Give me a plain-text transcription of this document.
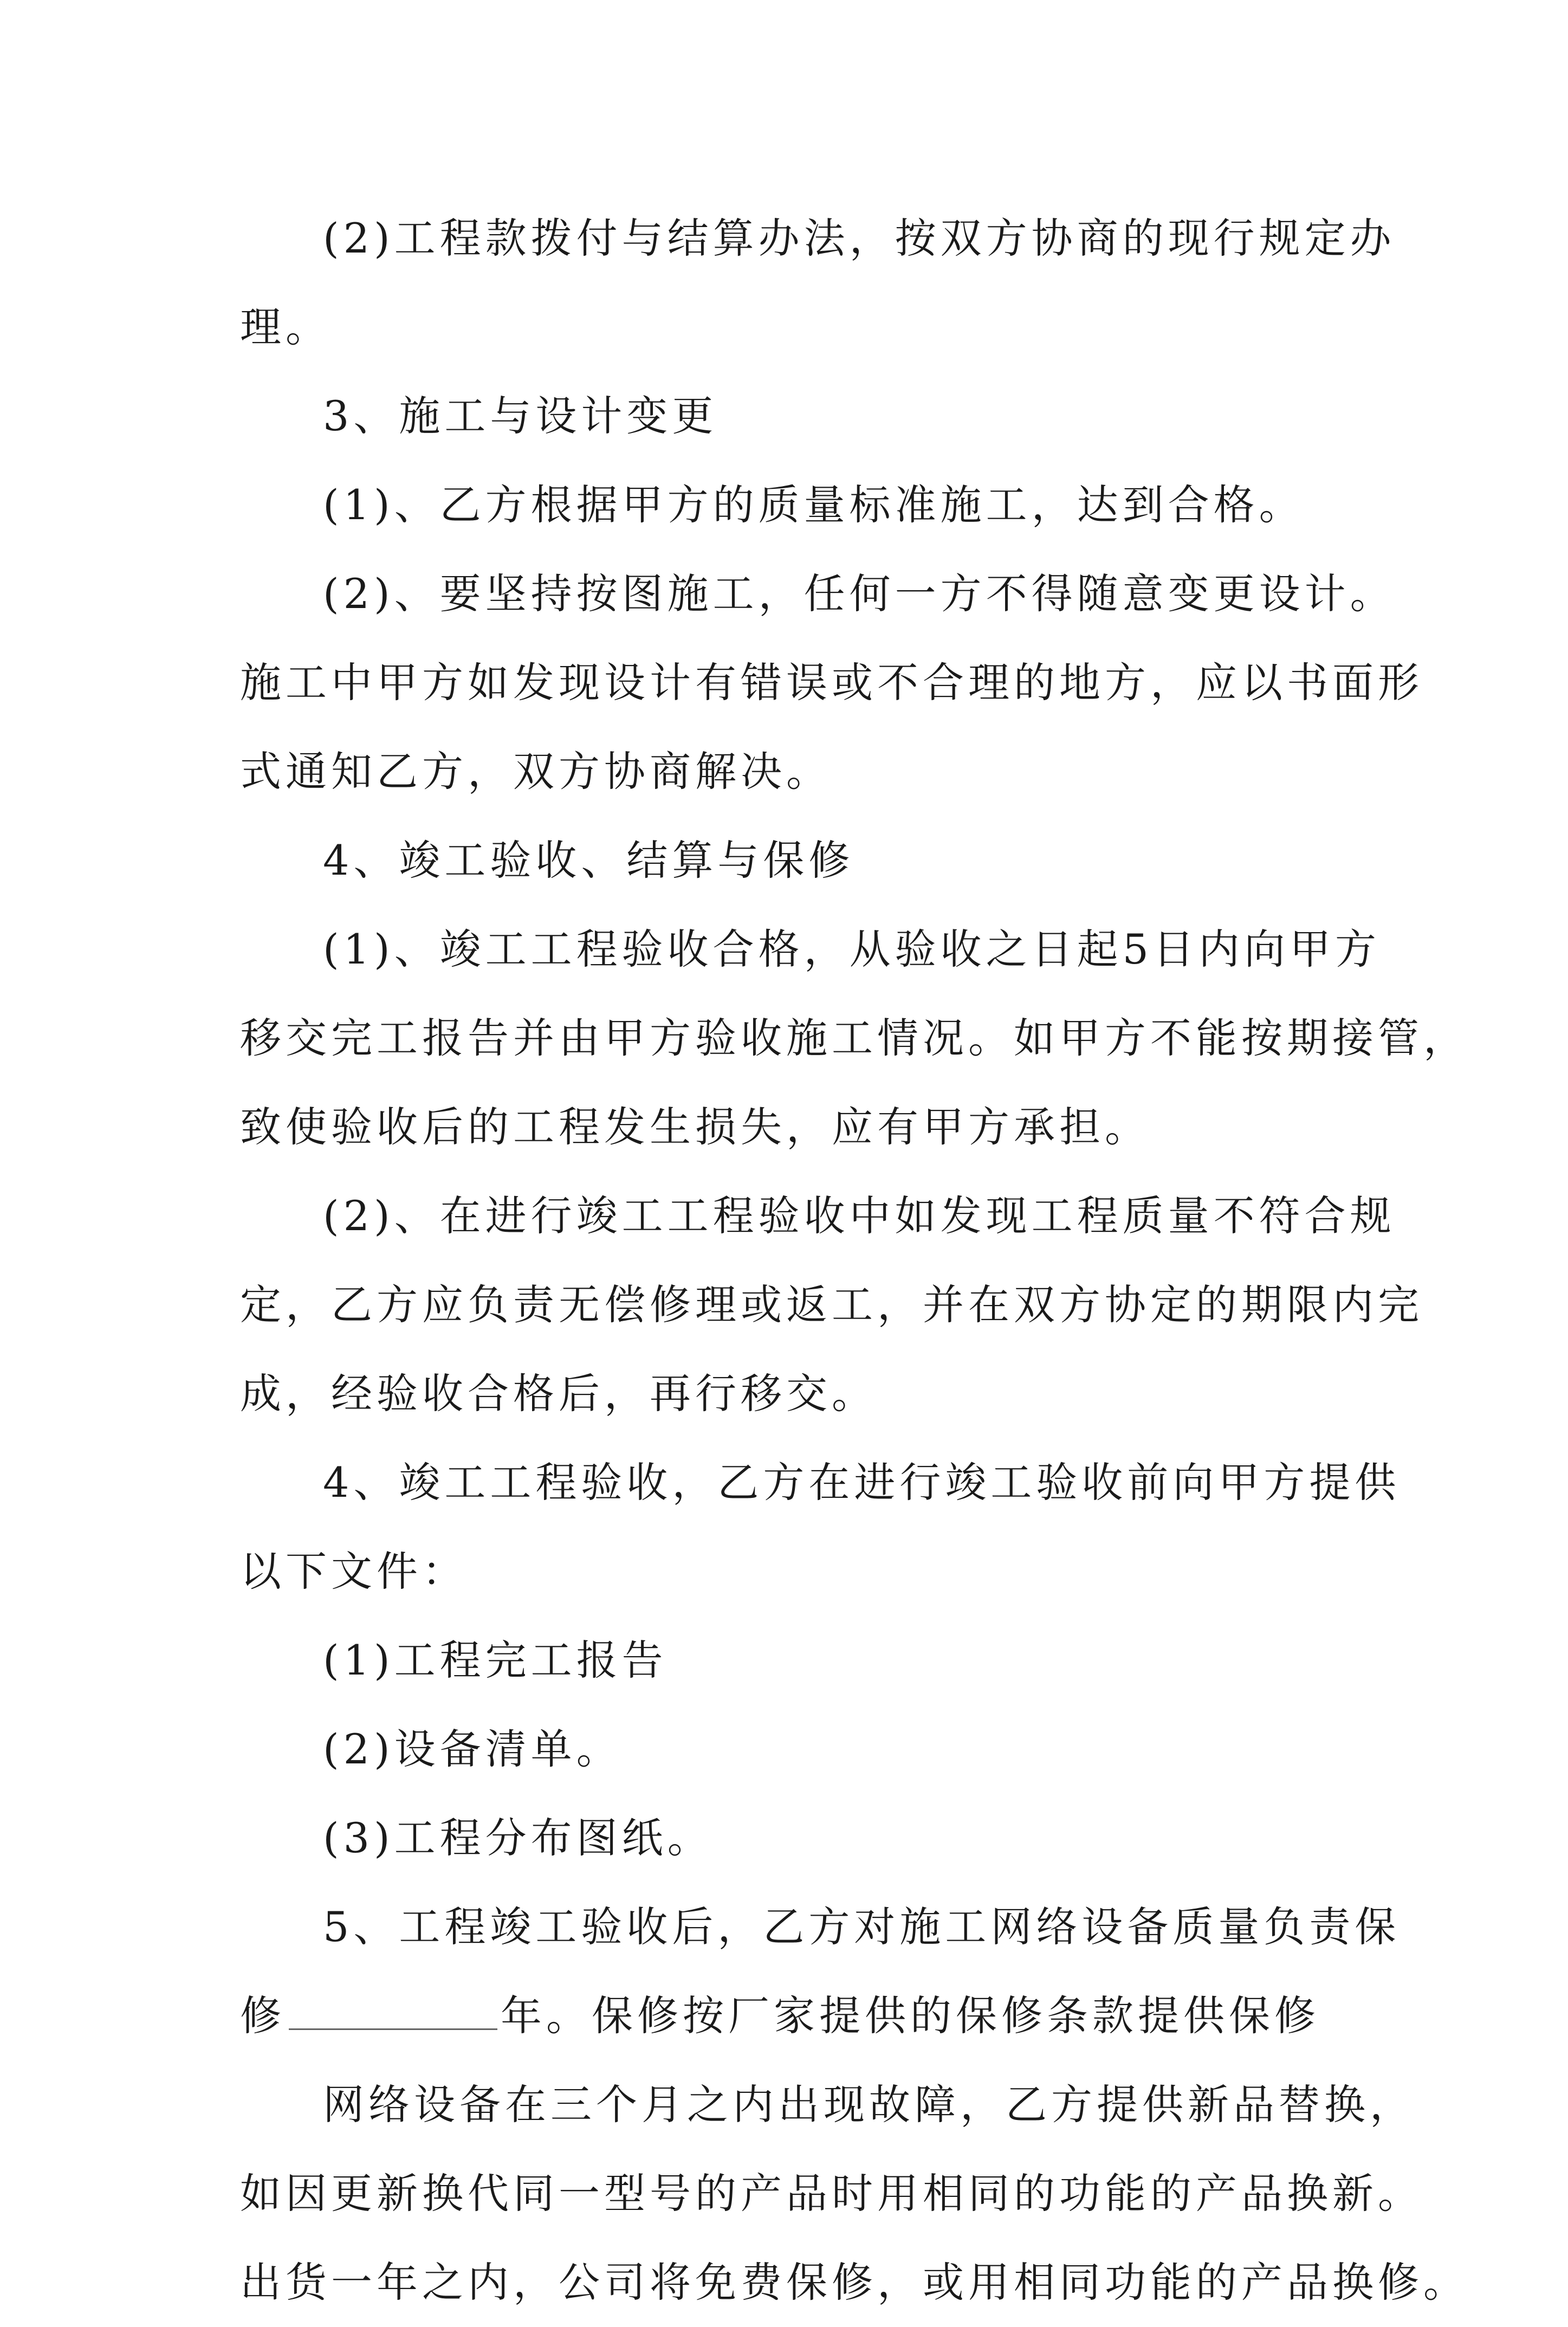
(2)工程款拨付与结算办法，按双方协商的现行规定办
理。
3、施工与设计变更
(1)、乙方根据甲方的质量标准施工，达到合格。
(2)、要坚持按图施工，任何一方不得随意变更设计。
施工中甲方如发现设计有错误或不合理的地方，应以书面形
式通知乙方，双方协商解决。
4、竣工验收、结算与保修
(1)、竣工工程验收合格，从验收之日起5日内向甲方
移交完工报告并由甲方验收施工情况。如甲方不能按期接管，
致使验收后的工程发生损失，应有甲方承担。
(2)、在进行竣工工程验收中如发现工程质量不符合规
定，乙方应负责无偿修理或返工，并在双方协定的期限内完
成，经验收合格后，再行移交。
4、竣工工程验收，乙方在进行竣工验收前向甲方提供
以下文件：
(1)工程完工报告
(2)设备清单。
(3)工程分布图纸。
5、工程竣工验收后，乙方对施工网络设备质量负责保
修	年。保修按厂家提供的保修条款提供保修
网络设备在三个月之内出现故障，乙方提供新品替换，
如因更新换代同一型号的产品时用相同的功能的产品换新。
出货一年之内，公司将免费保修，或用相同功能的产品换修。
